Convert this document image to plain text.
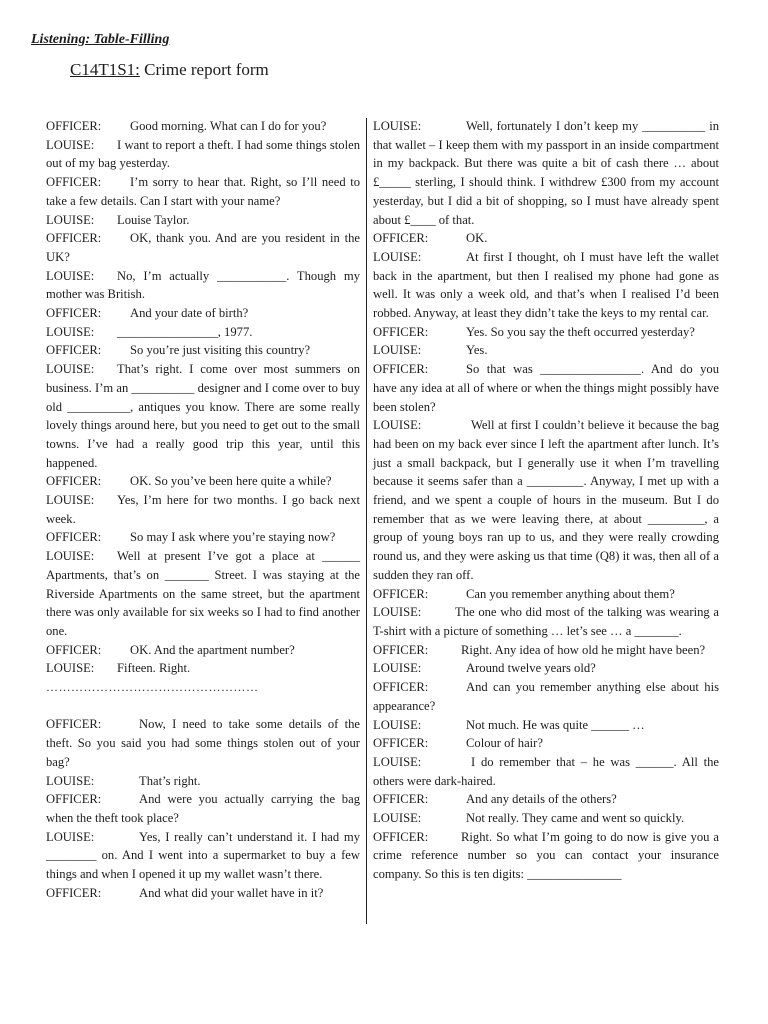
Listening: Table-Filling
C14T1S1: Crime report form

OFFICER: Good morning. What can I do for you?

LOUISE: I want to report a theft. I had some things stolen out of my bag yesterday.

OFFICER: I’m sorry to hear that. Right, so I’ll need to take a few details. Can I start with your name?

LOUISE: Louise Taylor.

OFFICER: OK, thank you. And are you resident in the UK?

LOUISE: No, I’m actually ___________. Though my mother was British.

OFFICER: And your date of birth?

LOUISE: ________________, 1977.

OFFICER: So you’re just visiting this country?

LOUISE: That’s right. I come over most summers on business. I’m an __________ designer and I come over to buy old __________, antiques you know. There are some really lovely things around here, but you need to get out to the small towns. I’ve had a really good trip this year, until this happened.

OFFICER: OK. So you’ve been here quite a while?

LOUISE: Yes, I’m here for two months. I go back next week.

OFFICER: So may I ask where you’re staying now?

LOUISE: Well at present I’ve got a place at ______ Apartments, that’s on _______ Street. I was staying at the Riverside Apartments on the same street, but the apartment there was only available for six weeks so I had to find another one.

OFFICER: OK. And the apartment number?

LOUISE: Fifteen. Right.

……………………………………………

OFFICER:	Now, I need to take some details of the theft. So you said you had some things stolen out of your bag?

LOUISE:	That’s right.

OFFICER:	And were you actually carrying the bag when the theft took place?

LOUISE:	Yes, I really can’t understand it. I had my ________ on. And I went into a supermarket to buy a few things and when I opened it up my wallet wasn’t there.

OFFICER:	And what did your wallet have in it?

LOUISE:	Well, fortunately I don’t keep my __________ in that wallet – I keep them with my passport in an inside compartment in my backpack. But there was quite a bit of cash there … about £_____ sterling, I should think. I withdrew £300 from my account yesterday, but I did a bit of shopping, so I must have already spent about £____ of that.

OFFICER:	OK.

LOUISE:	At first I thought, oh I must have left the wallet back in the apartment, but then I realised my phone had gone as well. It was only a week old, and that’s when I realised I’d been robbed. Anyway, at least they didn’t take the keys to my rental car.

OFFICER:	Yes. So you say the theft occurred yesterday?

LOUISE:	Yes.

OFFICER:	So that was ________________. And do you have any idea at all of where or when the things might possibly have been stolen?

LOUISE:	Well at first I couldn’t believe it because the bag had been on my back ever since I left the apartment after lunch. It’s just a small backpack, but I generally use it when I’m travelling because it seems safer than a _________. Anyway, I met up with a friend, and we spent a couple of hours in the museum. But I do remember that as we were leaving there, at about _________, a group of young boys ran up to us, and they were really crowding round us, and they were asking us that time (Q8) it was, then all of a sudden they ran off.

OFFICER:	Can you remember anything about them?

LOUISE:	The one who did most of the talking was wearing a T-shirt with a picture of something … let’s see … a _______.

OFFICER:	Right. Any idea of how old he might have been?

LOUISE:	Around twelve years old?

OFFICER:	And can you remember anything else about his appearance?

LOUISE:	Not much. He was quite ______ …

OFFICER:	Colour of hair?

LOUISE:	I do remember that – he was ______. All the others were dark-haired.

OFFICER:	And any details of the others?

LOUISE:	Not really. They came and went so quickly.

OFFICER:	Right. So what I’m going to do now is give you a crime reference number so you can contact your insurance company. So this is ten digits: _______________
